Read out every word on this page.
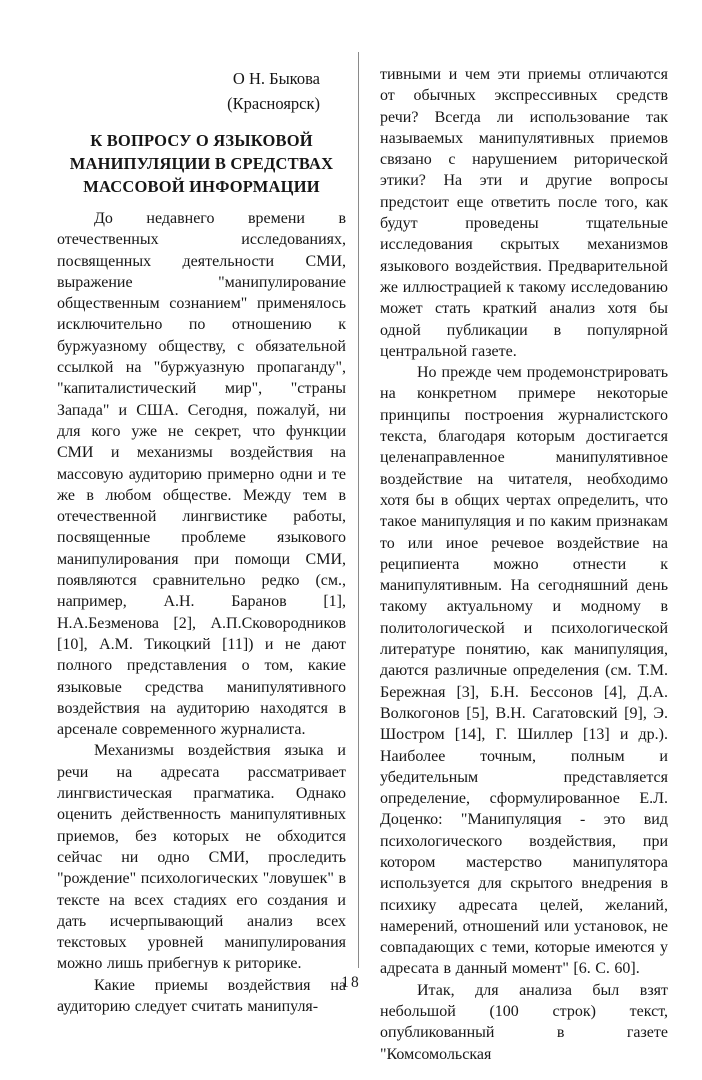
О Н. Быкова
(Красноярск)
К ВОПРОСУ О ЯЗЫКОВОЙ
МАНИПУЛЯЦИИ В СРЕДСТВАХ
МАССОВОЙ ИНФОРМАЦИИ

До недавнего времени в отечественных исследованиях, посвященных деятельности СМИ, выражение "манипулирование общественным сознанием" применялось исключительно по отношению к буржуазному обществу, с обязательной ссылкой на "буржуазную пропаганду", "капиталистический мир", "страны Запада" и США. Сегодня, пожалуй, ни для кого уже не секрет, что функции СМИ и механизмы воздействия на массовую аудиторию примерно одни и те же в любом обществе. Между тем в отечественной лингвистике работы, посвященные проблеме языкового манипулирования при помощи СМИ, появляются сравнительно редко (см., например, А.Н. Баранов [1], Н.А.Безменова [2], А.П.Сковородников [10], А.М. Тикоцкий [11]) и не дают полного представления о том, какие языковые средства манипулятивного воздействия на аудиторию находятся в арсенале современного журналиста.

Механизмы воздействия языка и речи на адресата рассматривает лингвистическая прагматика. Однако оценить действенность манипулятивных приемов, без которых не обходится сейчас ни одно СМИ, проследить "рождение" психологических "ловушек" в тексте на всех стадиях его создания и дать исчерпывающий анализ всех текстовых уровней манипулирования можно лишь прибегнув к риторике.

Какие приемы воздействия на аудиторию следует считать манипуля-

тивными и чем эти приемы отличаются от обычных экспрессивных средств речи? Всегда ли использование так называемых манипулятивных приемов связано с нарушением риторической этики? На эти и другие вопросы предстоит еще ответить после того, как будут проведены тщательные исследования скрытых механизмов языкового воздействия. Предварительной же иллюстрацией к такому исследованию может стать краткий анализ хотя бы одной публикации в популярной центральной газете.

Но прежде чем продемонстрировать на конкретном примере некоторые принципы построения журналистского текста, благодаря которым достигается целенаправленное манипулятивное воздействие на читателя, необходимо хотя бы в общих чертах определить, что такое манипуляция и по каким признакам то или иное речевое воздействие на реципиента можно отнести к манипулятивным. На сегодняшний день такому актуальному и модному в политологической и психологической литературе понятию, как манипуляция, даются различные определения (см. Т.М. Бережная [3], Б.Н. Бессонов [4], Д.А. Волкогонов [5], В.Н. Сагатовский [9], Э. Шостром [14], Г. Шиллер [13] и др.). Наиболее точным, полным и убедительным представляется определение, сформулированное Е.Л. Доценко: "Манипуляция - это вид психологического воздействия, при котором мастерство манипулятора используется для скрытого внедрения в психику адресата целей, желаний, намерений, отношений или установок, не совпадающих с теми, которые имеются у адресата в данный момент" [6. С. 60].

Итак, для анализа был взят небольшой (100 строк) текст, опубликованный в газете "Комсомольская

18
